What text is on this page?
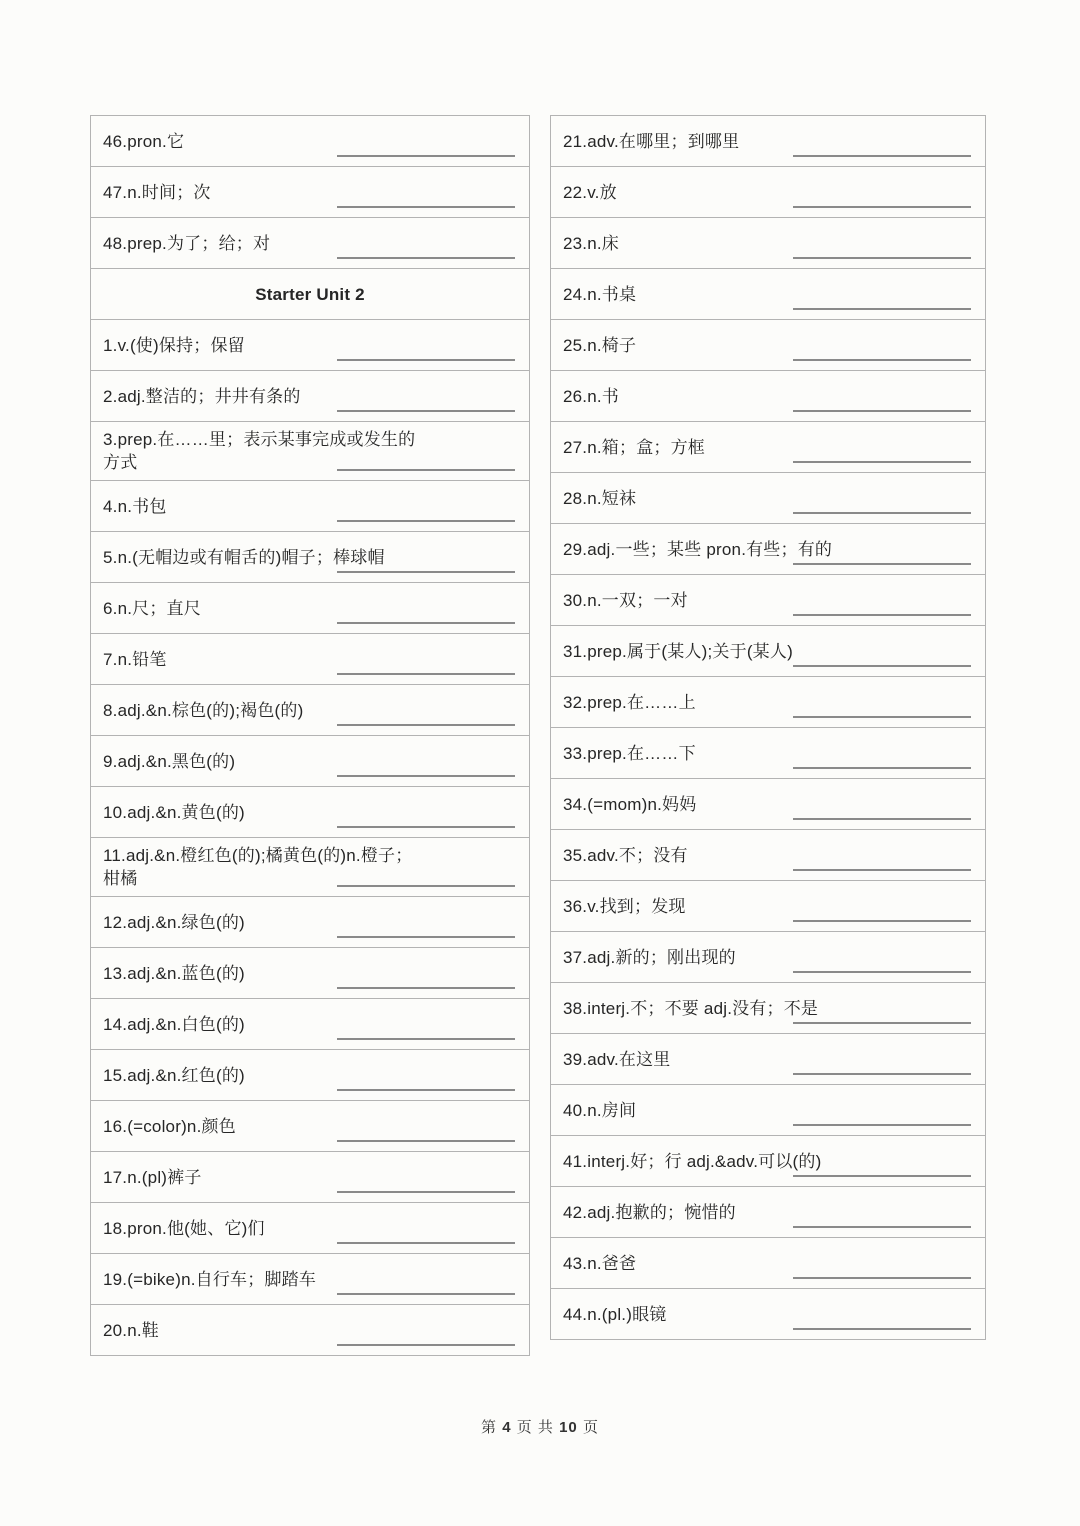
46.pron.它
47.n.时间；次
48.prep.为了；给；对
Starter Unit 2
1.v.(使)保持；保留
2.adj.整洁的；井井有条的
3.prep.在……里；表示某事完成或发生的方式
4.n.书包
5.n.(无帽边或有帽舌的)帽子；棒球帽
6.n.尺；直尺
7.n.铅笔
8.adj.&n.棕色(的);褐色(的)
9.adj.&n.黑色(的)
10.adj.&n.黄色(的)
11.adj.&n.橙红色(的);橘黄色(的)n.橙子；柑橘
12.adj.&n.绿色(的)
13.adj.&n.蓝色(的)
14.adj.&n.白色(的)
15.adj.&n.红色(的)
16.(=color)n.颜色
17.n.(pl)裤子
18.pron.他(她、它)们
19.(=bike)n.自行车；脚踏车
20.n.鞋
21.adv.在哪里；到哪里
22.v.放
23.n.床
24.n.书桌
25.n.椅子
26.n.书
27.n.箱；盒；方框
28.n.短袜
29.adj.一些；某些 pron.有些；有的
30.n.一双；一对
31.prep.属于(某人);关于(某人)
32.prep.在……上
33.prep.在……下
34.(=mom)n.妈妈
35.adv.不；没有
36.v.找到；发现
37.adj.新的；刚出现的
38.interj.不；不要 adj.没有；不是
39.adv.在这里
40.n.房间
41.interj.好；行 adj.&adv.可以(的)
42.adj.抱歉的；惋惜的
43.n.爸爸
44.n.(pl.)眼镜
第 4 页 共 10 页
